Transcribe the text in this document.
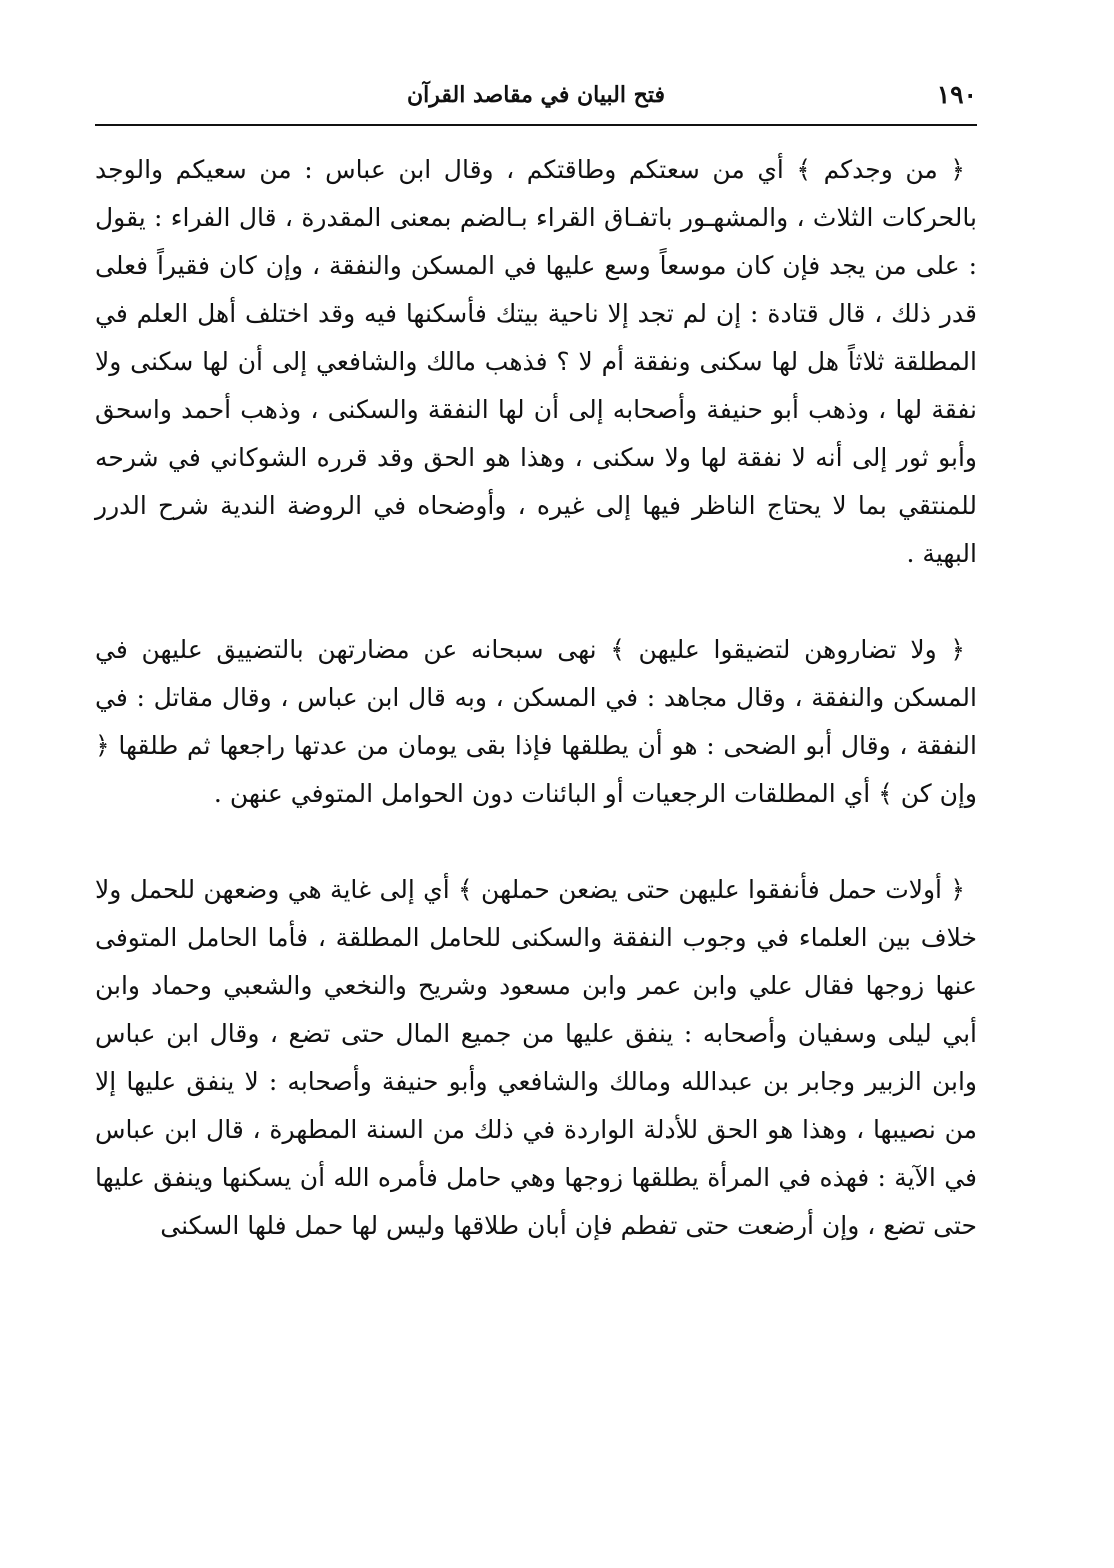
١٩٠
فتح البيان في مقاصد القرآن

﴿ من وجدكم ﴾ أي من سعتكم وطاقتكم ، وقال ابن عباس : من سعيكم والوجد بالحركات الثلاث ، والمشهـور باتفـاق القراء بـالضم بمعنى المقدرة ، قال الفراء : يقول : على من يجد فإن كان موسعاً وسع عليها في المسكن والنفقة ، وإن كان فقيراً فعلى قدر ذلك ، قال قتادة : إن لم تجد إلا ناحية بيتك فأسكنها فيه وقد اختلف أهل العلم في المطلقة ثلاثاً هل لها سكنى ونفقة أم لا ؟ فذهب مالك والشافعي إلى أن لها سكنى ولا نفقة لها ، وذهب أبو حنيفة وأصحابه إلى أن لها النفقة والسكنى ، وذهب أحمد واسحق وأبو ثور إلى أنه لا نفقة لها ولا سكنى ، وهذا هو الحق وقد قرره الشوكاني في شرحه للمنتقي بما لا يحتاج الناظر فيها إلى غيره ، وأوضحاه في الروضة الندية شرح الدرر البهية .

﴿ ولا تضاروهن لتضيقوا عليهن ﴾ نهى سبحانه عن مضارتهن بالتضييق عليهن في المسكن والنفقة ، وقال مجاهد : في المسكن ، وبه قال ابن عباس ، وقال مقاتل : في النفقة ، وقال أبو الضحى : هو أن يطلقها فإذا بقى يومان من عدتها راجعها ثم طلقها ﴿ وإن كن ﴾ أي المطلقات الرجعيات أو البائنات دون الحوامل المتوفي عنهن .

﴿ أولات حمل فأنفقوا عليهن حتى يضعن حملهن ﴾ أي إلى غاية هي وضعهن للحمل ولا خلاف بين العلماء في وجوب النفقة والسكنى للحامل المطلقة ، فأما الحامل المتوفى عنها زوجها فقال علي وابن عمر وابن مسعود وشريح والنخعي والشعبي وحماد وابن أبي ليلى وسفيان وأصحابه : ينفق عليها من جميع المال حتى تضع ، وقال ابن عباس وابن الزبير وجابر بن عبدالله ومالك والشافعي وأبو حنيفة وأصحابه : لا ينفق عليها إلا من نصيبها ، وهذا هو الحق للأدلة الواردة في ذلك من السنة المطهرة ، قال ابن عباس في الآية : فهذه في المرأة يطلقها زوجها وهي حامل فأمره الله أن يسكنها وينفق عليها حتى تضع ، وإن أرضعت حتى تفطم فإن أبان طلاقها وليس لها حمل فلها السكنى
